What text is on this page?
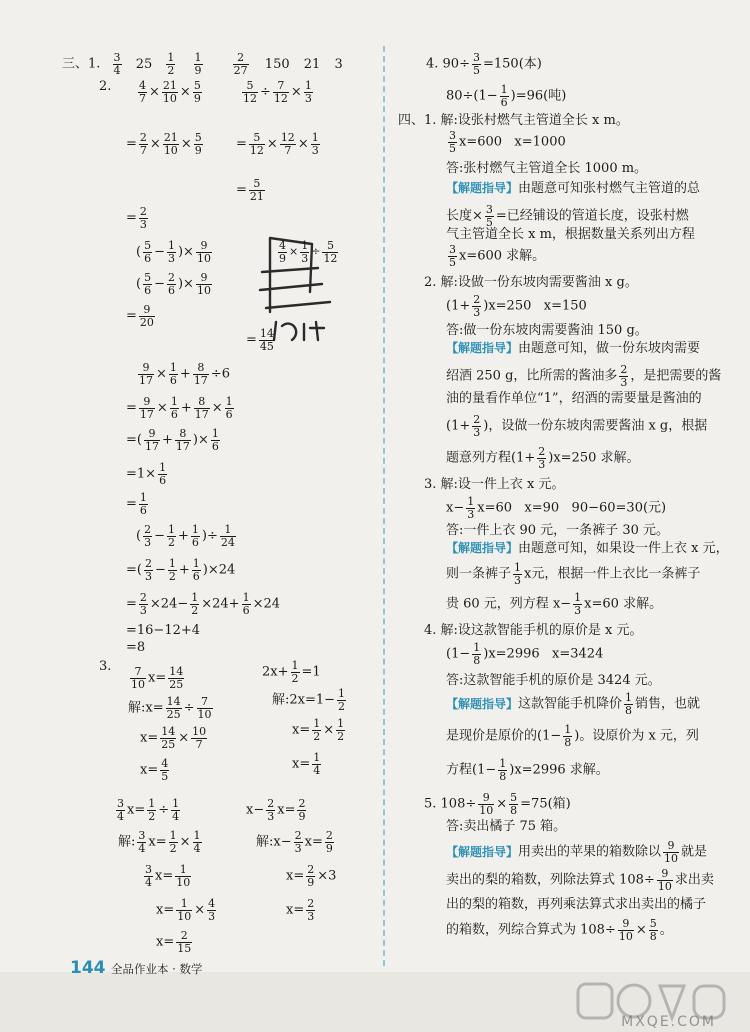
三、1. $\frac{3}{4} 25 \frac{1}{2}$
$\frac{1}{9}$
	$\frac{2}{27} 150$ 21 3
2. $\frac{4}{7} \times \frac{21}{10} \times \frac{5}{9}$
= $\frac{2}{7} \times \frac{21}{10} \times \frac{5}{9}$
= $\frac{2}{3}$
$\frac{5}{12} \div \frac{7}{12} \times \frac{1}{3}$
= $\frac{5}{12} \times \frac{12}{7} \times \frac{1}{3}$
= $\frac{5}{21}$
( $\frac{5}{6} - \frac{1}{3}$ )× $\frac{9}{10}$
( $\frac{5}{6} - \frac{2}{6}$ )× $\frac{9}{10}$
= $\frac{9}{20}$
$\frac{4}{9} \times \frac{1}{3} \div \frac{5}{12}$
= $\frac{14}{45}$
$\frac{9}{17} \times \frac{1}{6} + \frac{8}{17} \div 6$
= $\frac{9}{17} \times \frac{1}{6} + \frac{8}{17} \times \frac{1}{6}$
=( $\frac{9}{17} + \frac{8}{17}$ )× $\frac{1}{6}$
$=1\times \frac{1}{6}$
= $\frac{1}{6}$
( $\frac{2}{3} - \frac{1}{2} + \frac{1}{6}$ )÷ $\frac{1}{24}$
=( $\frac{2}{3} - \frac{1}{2} + \frac{1}{6} )\times 24$
= $\frac{2}{3} \times 24- \frac{1}{2} \times 24+ \frac{1}{6} \times 24$
=16−12+4
=8
3. $\frac{7}{10} x= \frac{14}{25}$
解:x= $\frac{14}{25} \div \frac{7}{10}$
$x= \frac{14}{25} \times \frac{10}{7}$
$x= \frac{4}{5}$
$2x+ \frac{1}{2} =1$
解:2x=1− $\frac{1}{2}$
$x= \frac{1}{2} \times \frac{1}{2}$
$x= \frac{1}{4}$
$\frac{3}{4} x= \frac{1}{2} \div \frac{1}{4}$
解: $\frac{3}{4} x= \frac{1}{2} \times \frac{1}{4}$
$\frac{3}{4} x= \frac{1}{10}$
$x= \frac{1}{10} \times \frac{4}{3}$
$x= \frac{2}{15}$
$x- \frac{2}{3} x= \frac{2}{9}$
解:x− $\frac{2}{3} x= \frac{2}{9}$
$x= \frac{2}{9} \times 3$
$x= \frac{2}{3}$
4. $90\div \frac{3}{5} =150$(本)
$80\div(1- \frac{1}{6} )=96$(吨)
四、1. 解:设张村燃气主管道全长 x m。
$\frac{3}{5} x=600$   x=1000
答:张村燃气主管道全长 1000 m。
【解题指导】由题意可知张村燃气主管道的总
长度× $\frac{3}{5}$ =已经铺设的管道长度，设张村燃
气主管道全长 x m，根据数量关系列出方程
$\frac{3}{5} x=600$ 求解。
2. 解:设做一份东坡肉需要酱油 x g。
$(1+ \frac{2}{3} )x=250$   x=150
答:做一份东坡肉需要酱油 150 g。
【解题指导】由题意可知，做一份东坡肉需要
绍酒 250 g，比所需的酱油多 $\frac{2}{3}$ ，是把需要的酱
油的量看作单位“1”，绍酒的需要量是酱油的
($1+ \frac{2}{3}$ )，设做一份东坡肉需要酱油 x g，根据
题意列方程$(1+ \frac{2}{3} )x=250$ 求解。
3. 解:设一件上衣 x 元。
$x- \frac{1}{3} x=60$   x=90   90−60=30(元)
答:一件上衣 90 元，一条裤子 30 元。
【解题指导】由题意可知，如果设一件上衣 x 元，
则一条裤子 $\frac{1}{3}$ x元，根据一件上衣比一条裤子
贵 60 元，列方程 $x- \frac{1}{3} x=60$ 求解。
4. 解:设这款智能手机的原价是 x 元。
$(1- \frac{1}{8} )x=2996$   x=3424
答:这款智能手机的原价是 3424 元。
【解题指导】这款智能手机降价 $\frac{1}{8}$ 销售，也就
是现价是原价的($1- \frac{1}{8}$ )。设原价为 x 元，列
方程$(1- \frac{1}{8} )x=2996$ 求解。
5. $108\div \frac{9}{10} \times \frac{5}{8} =75$(箱)
答:卖出橘子 75 箱。
【解题指导】用卖出的苹果的箱数除以 $\frac{9}{10}$ 就是
卖出的梨的箱数，列除法算式 $108\div \frac{9}{10}$ 求出卖
出的梨的箱数，再列乘法算式求出卖出的橘子
的箱数，列综合算式为 $108\div \frac{9}{10} \times \frac{5}{8}$ 。
144 全品作业本 · 数学
MXQE.COM
